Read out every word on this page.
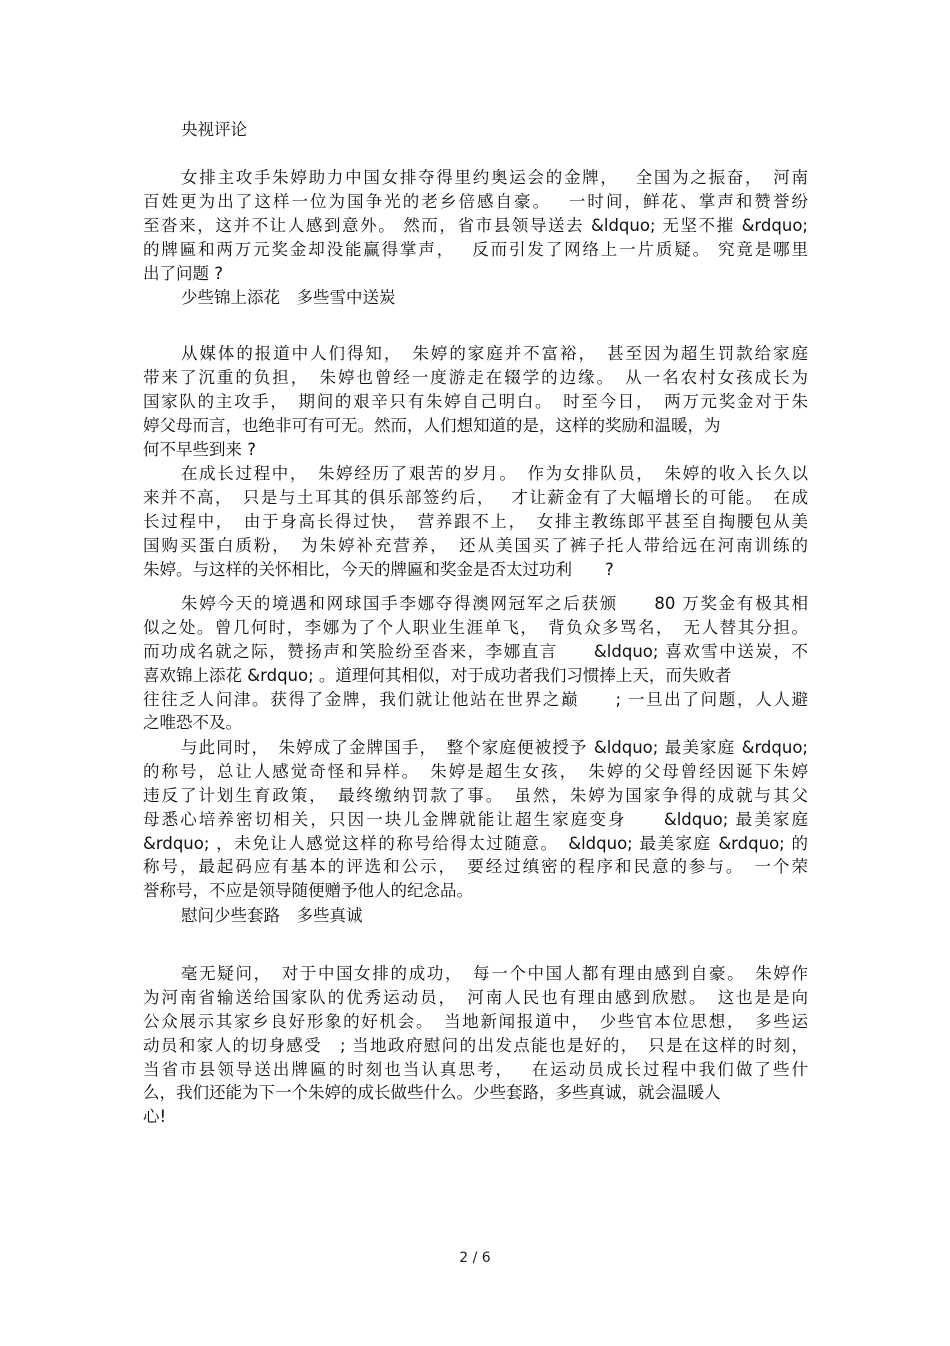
央视评论
女排主攻手朱婷助力中国女排夺得里约奥运会的金牌，　 全国为之振奋，　河南
百姓更为出了这样一位为国争光的老乡倍感自豪。　 一时间，鲜花、掌声和赞誉纷
至沓来，这并不让人感到意外。 然而，省市县领导送去 &ldquo; 无坚不摧 &rdquo;
的牌匾和两万元奖金却没能赢得掌声，　 反而引发了网络上一片质疑。 究竟是哪里
出了问题 ?
少些锦上添花　多些雪中送炭
从媒体的报道中人们得知，　朱婷的家庭并不富裕，　甚至因为超生罚款给家庭
带来了沉重的负担，　朱婷也曾经一度游走在辍学的边缘。　从一名农村女孩成长为
国家队的主攻手，　期间的艰辛只有朱婷自己明白。　时至今日，　两万元奖金对于朱
婷父母而言，也绝非可有可无。然而，人们想知道的是，这样的奖励和温暖，为
何不早些到来 ?
在成长过程中，　朱婷经历了艰苦的岁月。　作为女排队员，　朱婷的收入长久以
来并不高，　只是与土耳其的俱乐部签约后，　 才让薪金有了大幅增长的可能。　在成
长过程中，　由于身高长得过快，　营养跟不上，　女排主教练郎平甚至自掏腰包从美
国购买蛋白质粉，　为朱婷补充营养，　还从美国买了裤子托人带给远在河南训练的
朱婷。与这样的关怀相比，今天的牌匾和奖金是否太过功利　　?
朱婷今天的境遇和网球国手李娜夺得澳网冠军之后获颁　　80 万奖金有极其相
似之处。曾几何时，李娜为了个人职业生涯单飞，　背负众多骂名，　无人替其分担。
而功成名就之际，赞扬声和笑脸纷至沓来，李娜直言　　&ldquo; 喜欢雪中送炭，不
喜欢锦上添花 &rdquo; 。道理何其相似，对于成功者我们习惯捧上天，而失败者
往往乏人问津。获得了金牌，我们就让他站在世界之巅　　; 一旦出了问题，人人避
之唯恐不及。
与此同时，　朱婷成了金牌国手，　整个家庭便被授予 &ldquo; 最美家庭 &rdquo;
的称号，总让人感觉奇怪和异样。　朱婷是超生女孩，　朱婷的父母曾经因诞下朱婷
违反了计划生育政策，　最终缴纳罚款了事。　虽然，朱婷为国家争得的成就与其父
母悉心培养密切相关，只因一块儿金牌就能让超生家庭变身　　&ldquo; 最美家庭
&rdquo; ，未免让人感觉这样的称号给得太过随意。　&ldquo; 最美家庭 &rdquo; 的
称号，最起码应有基本的评选和公示，　要经过缜密的程序和民意的参与。　一个荣
誉称号，不应是领导随便赠予他人的纪念品。
慰问少些套路　多些真诚
毫无疑问，　对于中国女排的成功，　每一个中国人都有理由感到自豪。　朱婷作
为河南省输送给国家队的优秀运动员，　河南人民也有理由感到欣慰。　这也是是向
公众展示其家乡良好形象的好机会。　当地新闻报道中，　少些官本位思想，　多些运
动员和家人的切身感受　; 当地政府慰问的出发点能也是好的，　只是在这样的时刻，
当省市县领导送出牌匾的时刻也当认真思考，　 在运动员成长过程中我们做了些什
么，我们还能为下一个朱婷的成长做些什么。少些套路，多些真诚，就会温暖人
心!
2 / 6
